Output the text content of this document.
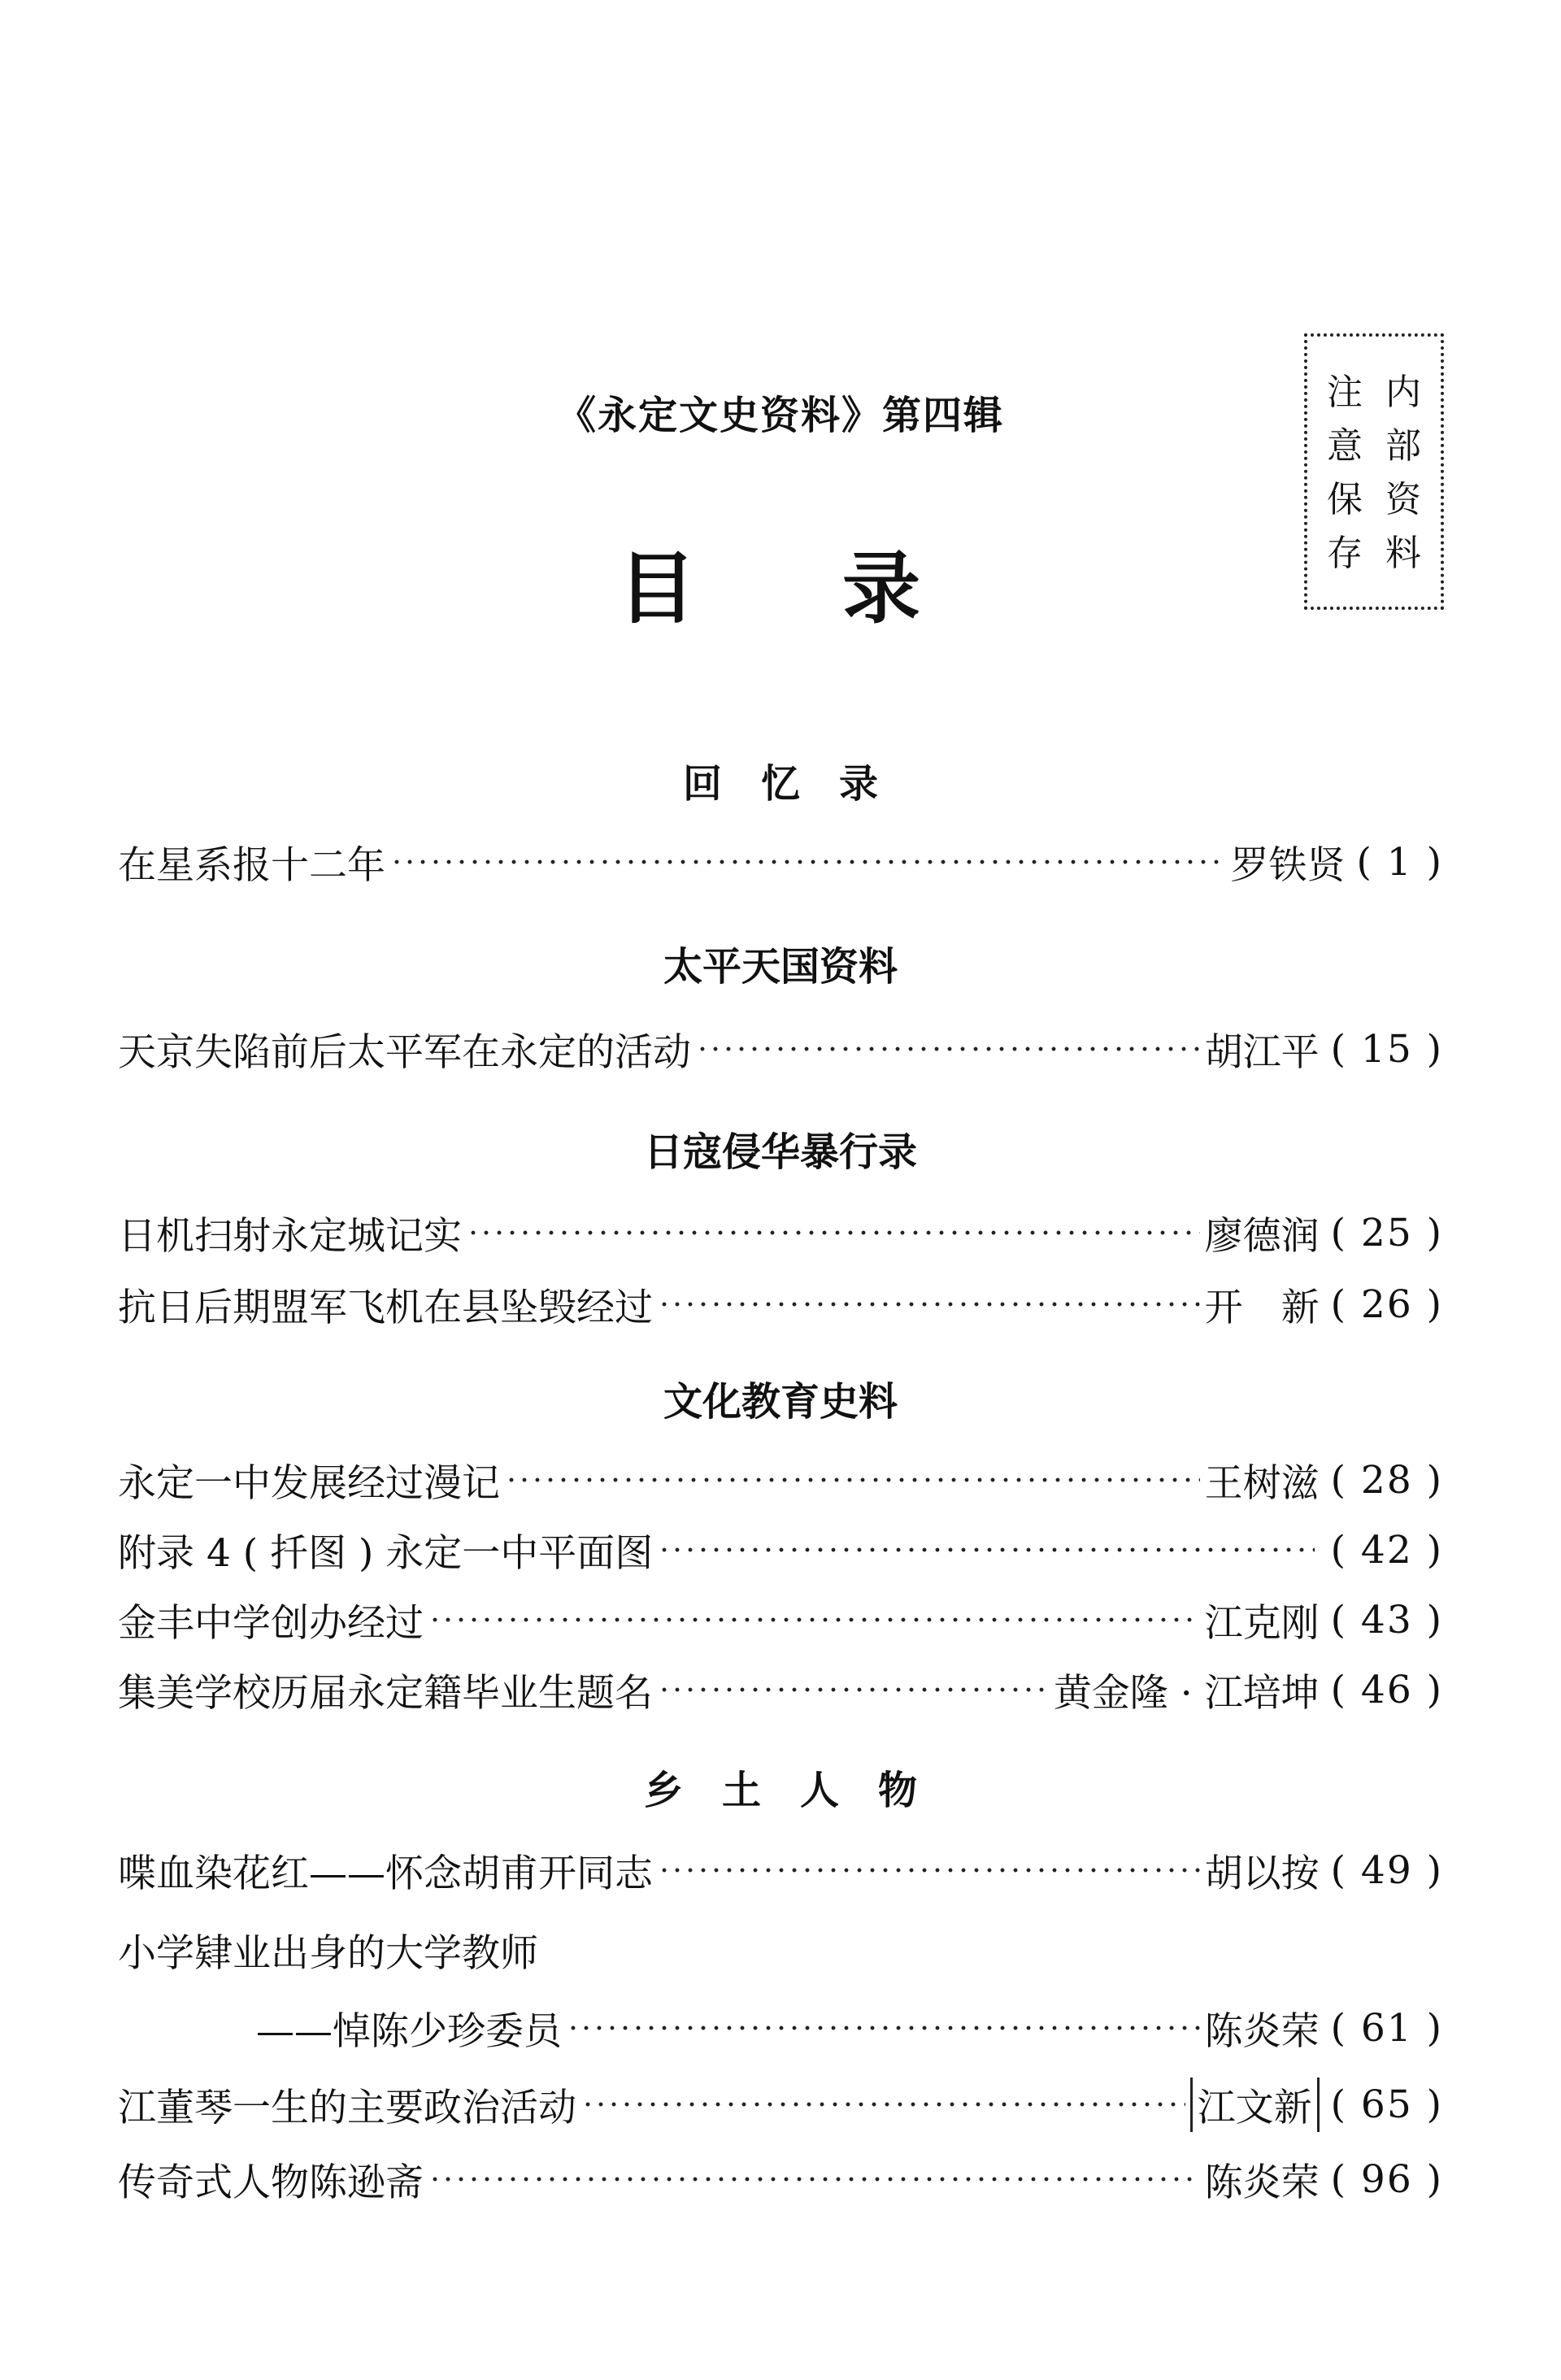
《永定文史资料》第四辑
目录
注
意
保
存
内
部
资
料
回　忆　录
在星系报十二年	罗铁贤 ( 1 )
太平天国资料
天京失陷前后太平军在永定的活动	胡江平 ( 15 )
日寇侵华暴行录
日机扫射永定城记实	廖德润 ( 25 )
抗日后期盟军飞机在县坠毁经过	开　新 ( 26 )
文化教育史料
永定一中发展经过漫记	王树滋 ( 28 )
附录 4 ( 扦图 ) 永定一中平面图	( 42 )
金丰中学创办经过	江克刚 ( 43 )
集美学校历届永定籍毕业生题名	黄金隆 · 江培坤 ( 46 )
乡　土　人　物
喋血染花红——怀念胡甫开同志	胡以按 ( 49 )
小学肄业出身的大学教师
——悼陈少珍委员	陈炎荣 ( 61 )
江董琴一生的主要政治活动	江文新 ( 65 )
传奇式人物陈逊斋	陈炎荣 ( 96 )
